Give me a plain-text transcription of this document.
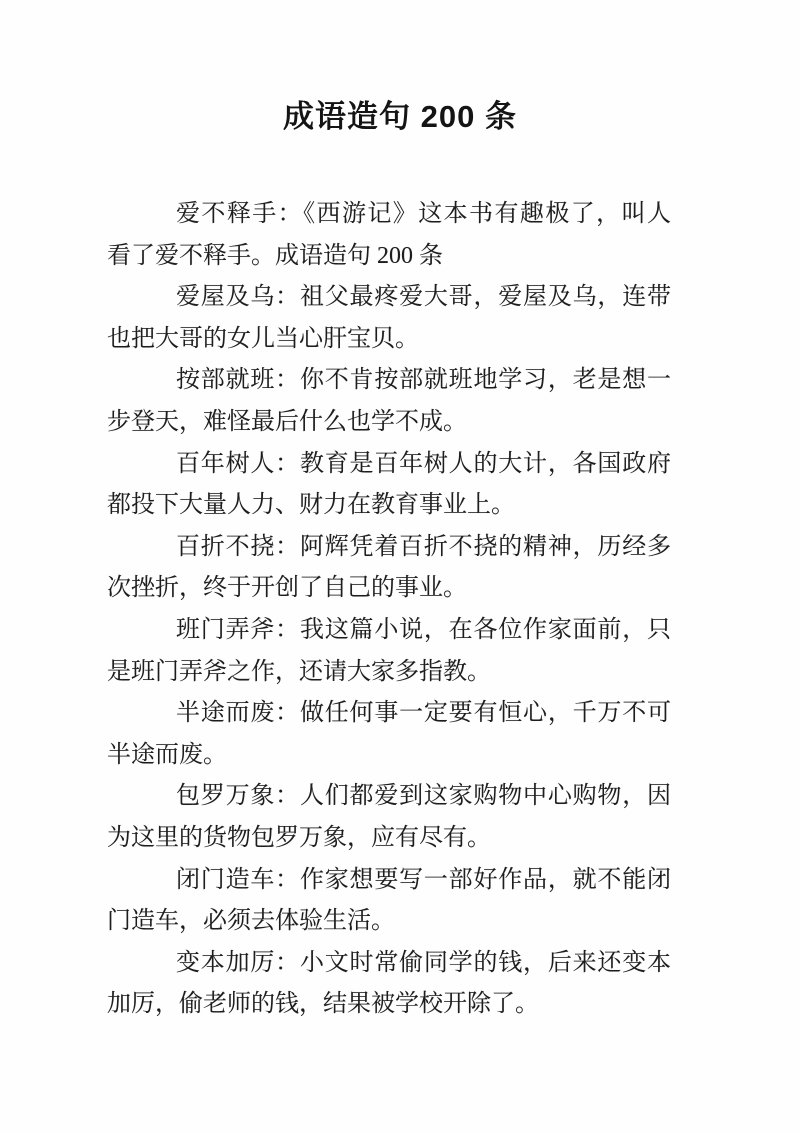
成语造句 200 条

爱不释手：《西游记》这本书有趣极了，叫人
看了爱不释手。成语造句 200 条

爱屋及乌：祖父最疼爱大哥，爱屋及乌，连带
也把大哥的女儿当心肝宝贝。

按部就班：你不肯按部就班地学习，老是想一
步登天，难怪最后什么也学不成。

百年树人：教育是百年树人的大计，各国政府
都投下大量人力、财力在教育事业上。

百折不挠：阿辉凭着百折不挠的精神，历经多
次挫折，终于开创了自己的事业。

班门弄斧：我这篇小说，在各位作家面前，只
是班门弄斧之作，还请大家多指教。

半途而废：做任何事一定要有恒心，千万不可
半途而废。

包罗万象：人们都爱到这家购物中心购物，因
为这里的货物包罗万象，应有尽有。

闭门造车：作家想要写一部好作品，就不能闭
门造车，必须去体验生活。

变本加厉：小文时常偷同学的钱，后来还变本
加厉，偷老师的钱，结果被学校开除了。
